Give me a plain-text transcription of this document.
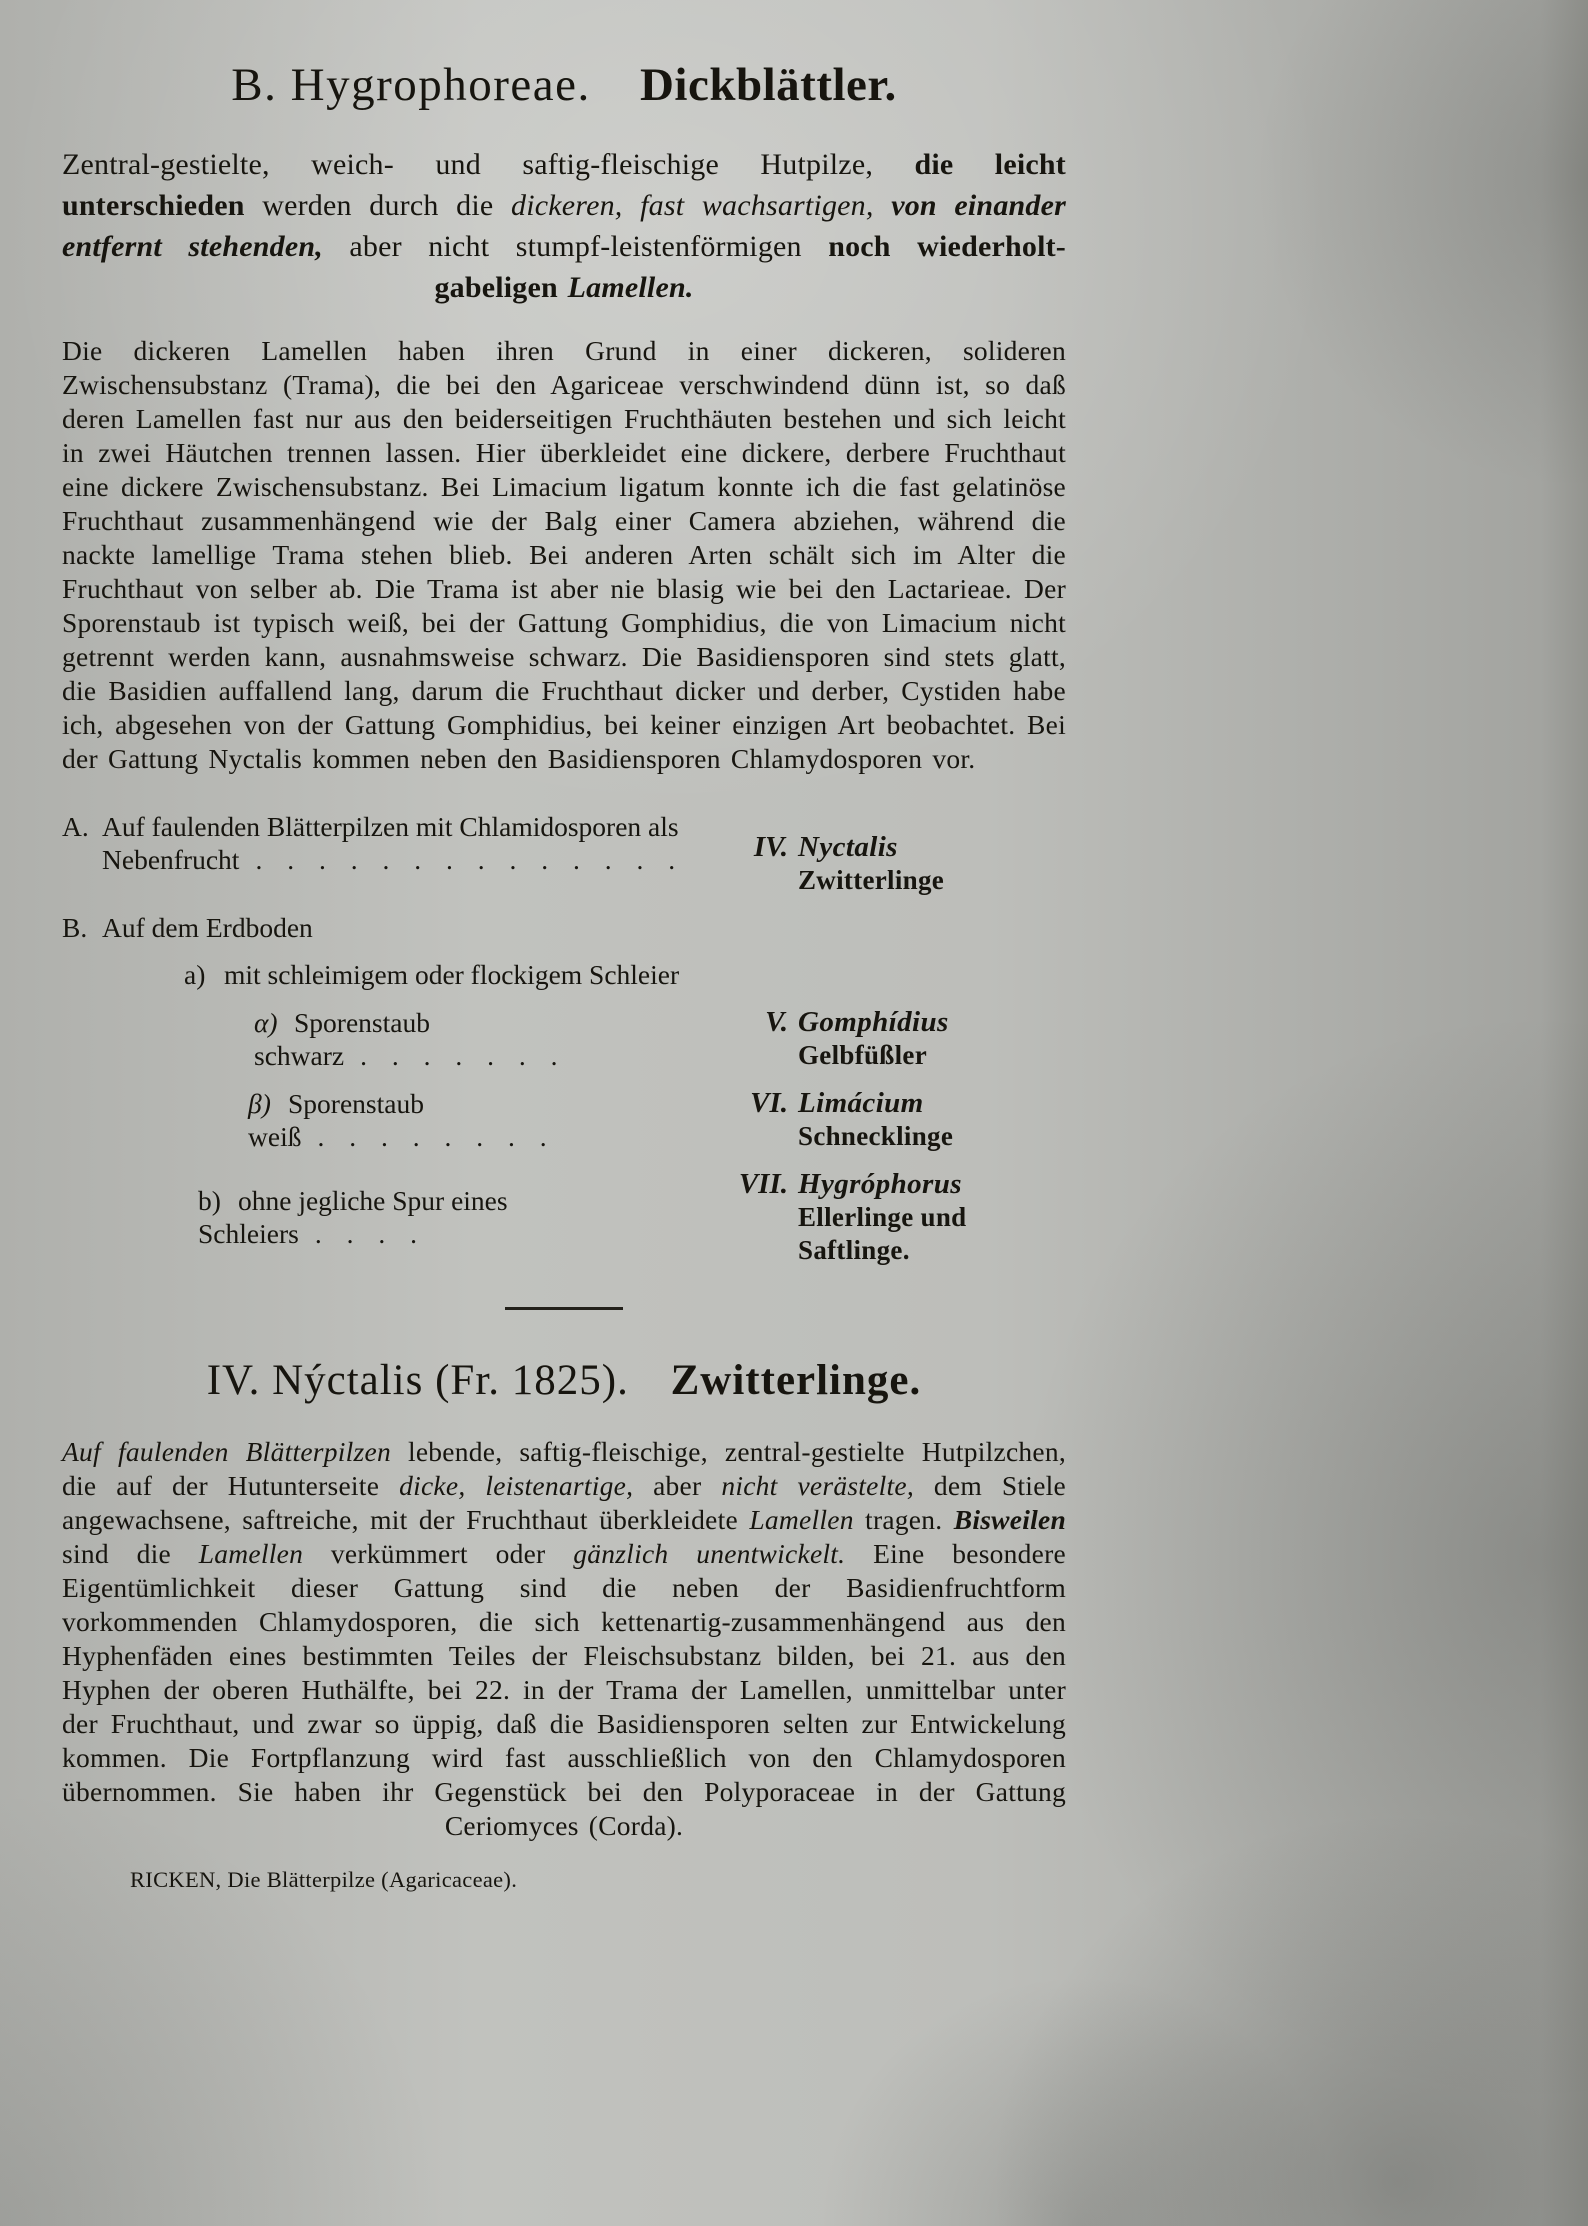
B. Hygrophoreae. Dickblättler.

Zentral-gestielte, weich- und saftig-fleischige Hutpilze, die leicht unterschieden werden durch die dickeren, fast wachsartigen, von einander entfernt stehenden, aber nicht stumpf-leistenförmigen noch wiederholt-gabeligen Lamellen.

Die dickeren Lamellen haben ihren Grund in einer dickeren, solideren Zwischensubstanz (Trama), die bei den Agariceae verschwindend dünn ist, so daß deren Lamellen fast nur aus den beiderseitigen Fruchthäuten bestehen und sich leicht in zwei Häutchen trennen lassen. Hier überkleidet eine dickere, derbere Fruchthaut eine dickere Zwischensubstanz. Bei Limacium ligatum konnte ich die fast gelatinöse Fruchthaut zusammenhängend wie der Balg einer Camera abziehen, während die nackte lamellige Trama stehen blieb. Bei anderen Arten schält sich im Alter die Fruchthaut von selber ab. Die Trama ist aber nie blasig wie bei den Lactarieae. Der Sporenstaub ist typisch weiß, bei der Gattung Gomphidius, die von Limacium nicht getrennt werden kann, ausnahmsweise schwarz. Die Basidiensporen sind stets glatt, die Basidien auffallend lang, darum die Fruchthaut dicker und derber, Cystiden habe ich, abgesehen von der Gattung Gomphidius, bei keiner einzigen Art beobachtet. Bei der Gattung Nyctalis kommen neben den Basidiensporen Chlamydosporen vor.

A. Auf faulenden Blätterpilzen mit Chlamidosporen als
Nebenfrucht . . . . . . . . . . . . . .	IV. Nyctalis
Zwitterlinge
B. Auf dem Erdboden
a) mit schleimigem oder flockigem Schleier
α) Sporenstaub schwarz . . . . . . .
V. Gomphídius
Gelbfüßler
β) Sporenstaub weiß . . . . . . . .
VI. Limácium
Schnecklinge
b) ohne jegliche Spur eines Schleiers . . . .
VII. Hygróphorus
Ellerlinge und Saftlinge.
IV. Nýctalis (Fr. 1825). Zwitterlinge.

Auf faulenden Blätterpilzen lebende, saftig-fleischige, zentral-gestielte Hutpilzchen, die auf der Hutunterseite dicke, leistenartige, aber nicht verästelte, dem Stiele angewachsene, saftreiche, mit der Fruchthaut überkleidete Lamellen tragen. Bisweilen sind die Lamellen verkümmert oder gänzlich unentwickelt. Eine besondere Eigentümlichkeit dieser Gattung sind die neben der Basidienfruchtform vorkommenden Chlamydosporen, die sich kettenartig-zusammenhängend aus den Hyphenfäden eines bestimmten Teiles der Fleischsubstanz bilden, bei 21. aus den Hyphen der oberen Huthälfte, bei 22. in der Trama der Lamellen, unmittelbar unter der Fruchthaut, und zwar so üppig, daß die Basidiensporen selten zur Entwickelung kommen. Die Fortpflanzung wird fast ausschließlich von den Chlamydosporen übernommen. Sie haben ihr Gegenstück bei den Polyporaceae in der Gattung Ceriomyces (Corda).

RICKEN, Die Blätterpilze (Agaricaceae).
